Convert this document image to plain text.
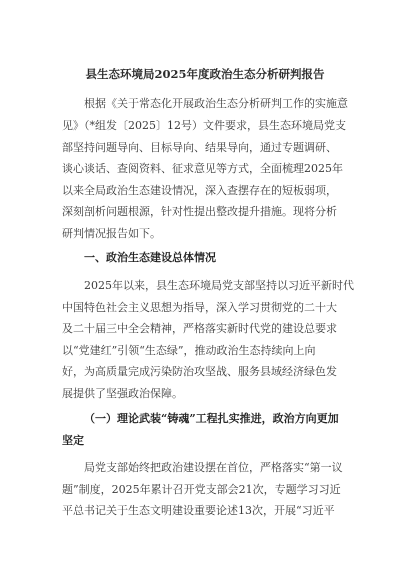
县生态环境局2025年度政治生态分析研判报告
根据《关于常态化开展政治生态分析研判工作的实施意
见》（*组发〔2025〕12号）文件要求，县生态环境局党支
部坚持问题导向、目标导向、结果导向，通过专题调研、
谈心谈话、查阅资料、征求意见等方式，全面梳理2025年
以来全局政治生态建设情况，深入查摆存在的短板弱项，
深刻剖析问题根源，针对性提出整改提升措施。现将分析
研判情况报告如下。
一、政治生态建设总体情况
2025年以来，县生态环境局党支部坚持以习近平新时代
中国特色社会主义思想为指导，深入学习贯彻党的二十大
及二十届三中全会精神，严格落实新时代党的建设总要求
以“党建红”引领“生态绿”，推动政治生态持续向上向
好，为高质量完成污染防治攻坚战、服务县域经济绿色发
展提供了坚强政治保障。
（一）理论武装“铸魂”工程扎实推进，政治方向更加
坚定
局党支部始终把政治建设摆在首位，严格落实“第一议
题”制度，2025年累计召开党支部会21次，专题学习习近
平总书记关于生态文明建设重要论述13次，开展“习近平
